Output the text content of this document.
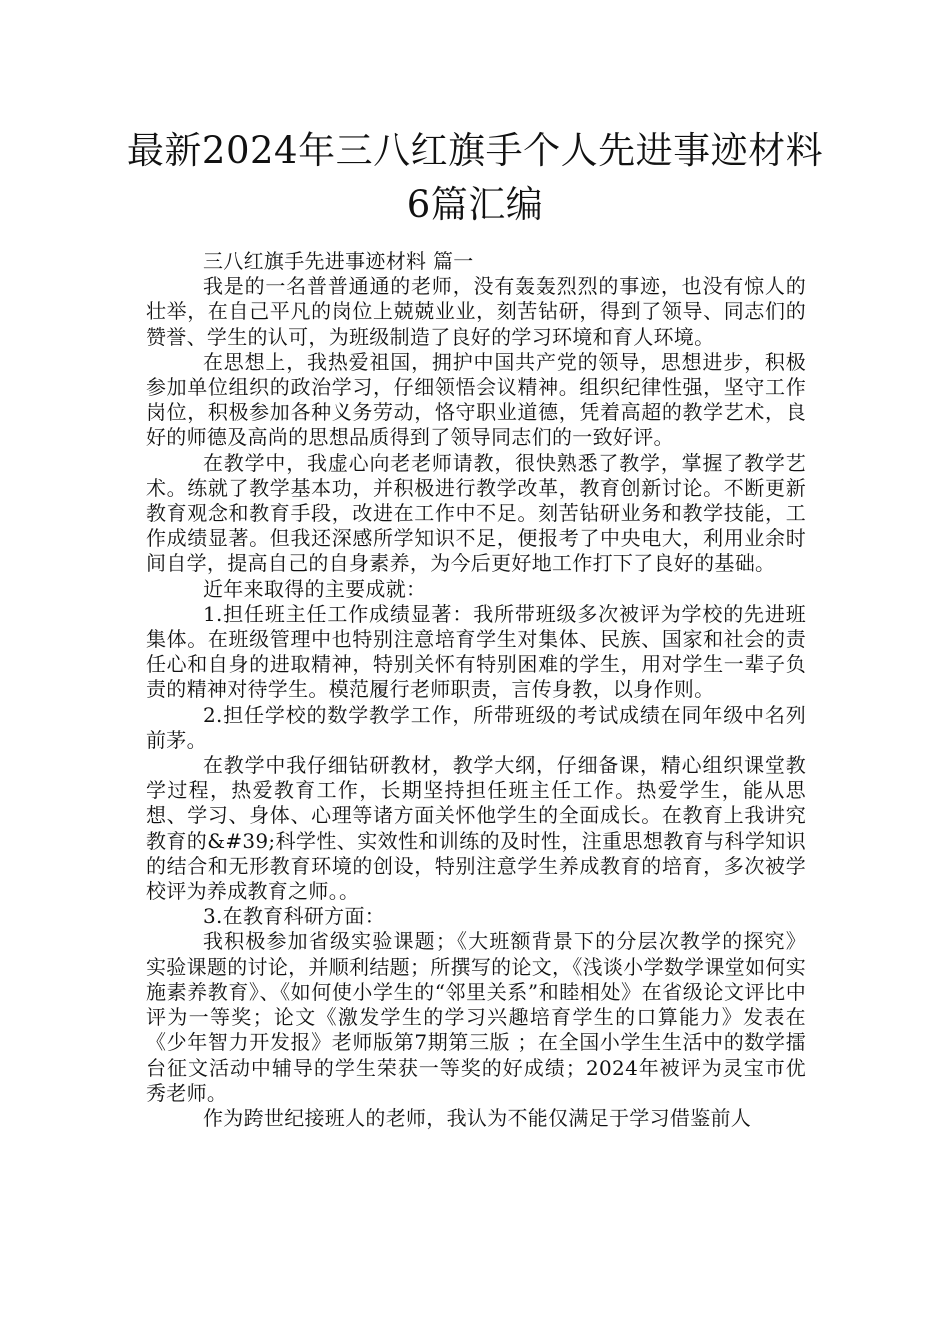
最新2024年三八红旗手个人先进事迹材料
6篇汇编

三八红旗手先进事迹材料 篇一

我是的一名普普通通的老师，没有轰轰烈烈的事迹，也没有惊人的壮举，在自己平凡的岗位上兢兢业业，刻苦钻研，得到了领导、同志们的赞誉、学生的认可，为班级制造了良好的学习环境和育人环境。

在思想上，我热爱祖国，拥护中国共产党的领导，思想进步，积极参加单位组织的政治学习，仔细领悟会议精神。组织纪律性强，坚守工作岗位，积极参加各种义务劳动，恪守职业道德，凭着高超的教学艺术，良好的师德及高尚的思想品质得到了领导同志们的一致好评。

在教学中，我虚心向老老师请教，很快熟悉了教学，掌握了教学艺术。练就了教学基本功，并积极进行教学改革，教育创新讨论。不断更新教育观念和教育手段，改进在工作中不足。刻苦钻研业务和教学技能，工作成绩显著。但我还深感所学知识不足，便报考了中央电大，利用业余时间自学，提高自己的自身素养，为今后更好地工作打下了良好的基础。

近年来取得的主要成就：

1.担任班主任工作成绩显著：我所带班级多次被评为学校的先进班集体。在班级管理中也特别注意培育学生对集体、民族、国家和社会的责任心和自身的进取精神，特别关怀有特别困难的学生，用对学生一辈子负责的精神对待学生。模范履行老师职责，言传身教，以身作则。

2.担任学校的数学教学工作，所带班级的考试成绩在同年级中名列前茅。

在教学中我仔细钻研教材，教学大纲，仔细备课，精心组织课堂教学过程，热爱教育工作，长期坚持担任班主任工作。热爱学生，能从思想、学习、身体、心理等诸方面关怀他学生的全面成长。在教育上我讲究教育的&#39;科学性、实效性和训练的及时性，注重思想教育与科学知识的结合和无形教育环境的创设，特别注意学生养成教育的培育，多次被学校评为养成教育之师。。

3.在教育科研方面：

我积极参加省级实验课题；《大班额背景下的分层次教学的探究》 实验课题的讨论，并顺利结题；所撰写的论文，《浅谈小学数学课堂如何实施素养教育》、《如何使小学生的“邻里关系”和睦相处》在省级论文评比中评为一等奖；论文《激发学生的学习兴趣培育学生的口算能力》发表在《少年智力开发报》老师版第7期第三版 ；在全国小学生生活中的数学擂台征文活动中辅导的学生荣获一等奖的好成绩；2024年被评为灵宝市优秀老师。

作为跨世纪接班人的老师，我认为不能仅满足于学习借鉴前人
